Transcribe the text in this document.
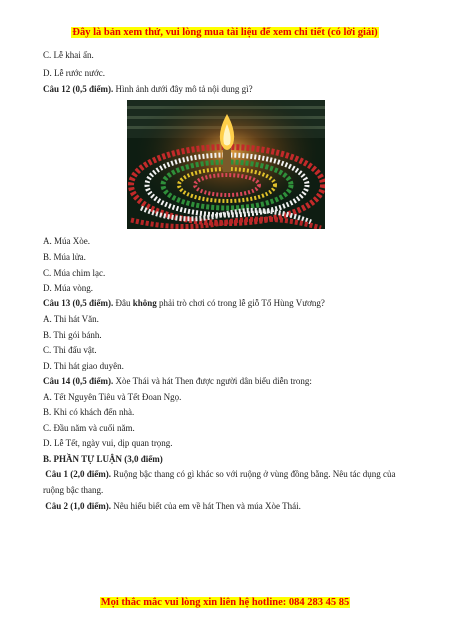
Đây là bản xem thử, vui lòng mua tài liệu để xem chi tiết (có lời giải)
C. Lễ khai ấn.
D. Lễ rước nước.
Câu 12 (0,5 điểm). Hình ảnh dưới đây mô tả nội dung gì?
A. Múa Xòe.
B. Múa lửa.
C. Múa chim lạc.
D. Múa vòng.
Câu 13 (0,5 điểm). Đâu không phải trò chơi có trong lễ giỗ Tổ Hùng Vương?
A. Thi hát Văn.
B. Thi gói bánh.
C. Thi đấu vật.
D. Thi hát giao duyên.
Câu 14 (0,5 điểm). Xòe Thái và hát Then được người dân biểu diễn trong:
A. Tết Nguyên Tiêu và Tết Đoan Ngọ.
B. Khi có khách đến nhà.
C. Đầu năm và cuối năm.
D. Lễ Tết, ngày vui, dịp quan trọng.
B. PHẦN TỰ LUẬN (3,0 điểm)
Câu 1 (2,0 điểm). Ruộng bậc thang có gì khác so với ruộng ở vùng đồng bằng. Nêu tác dụng của ruộng bậc thang.
Câu 2 (1,0 điểm). Nêu hiểu biết của em về hát Then và múa Xòe Thái.
Mọi thắc mắc vui lòng xin liên hệ hotline: 084 283 45 85
